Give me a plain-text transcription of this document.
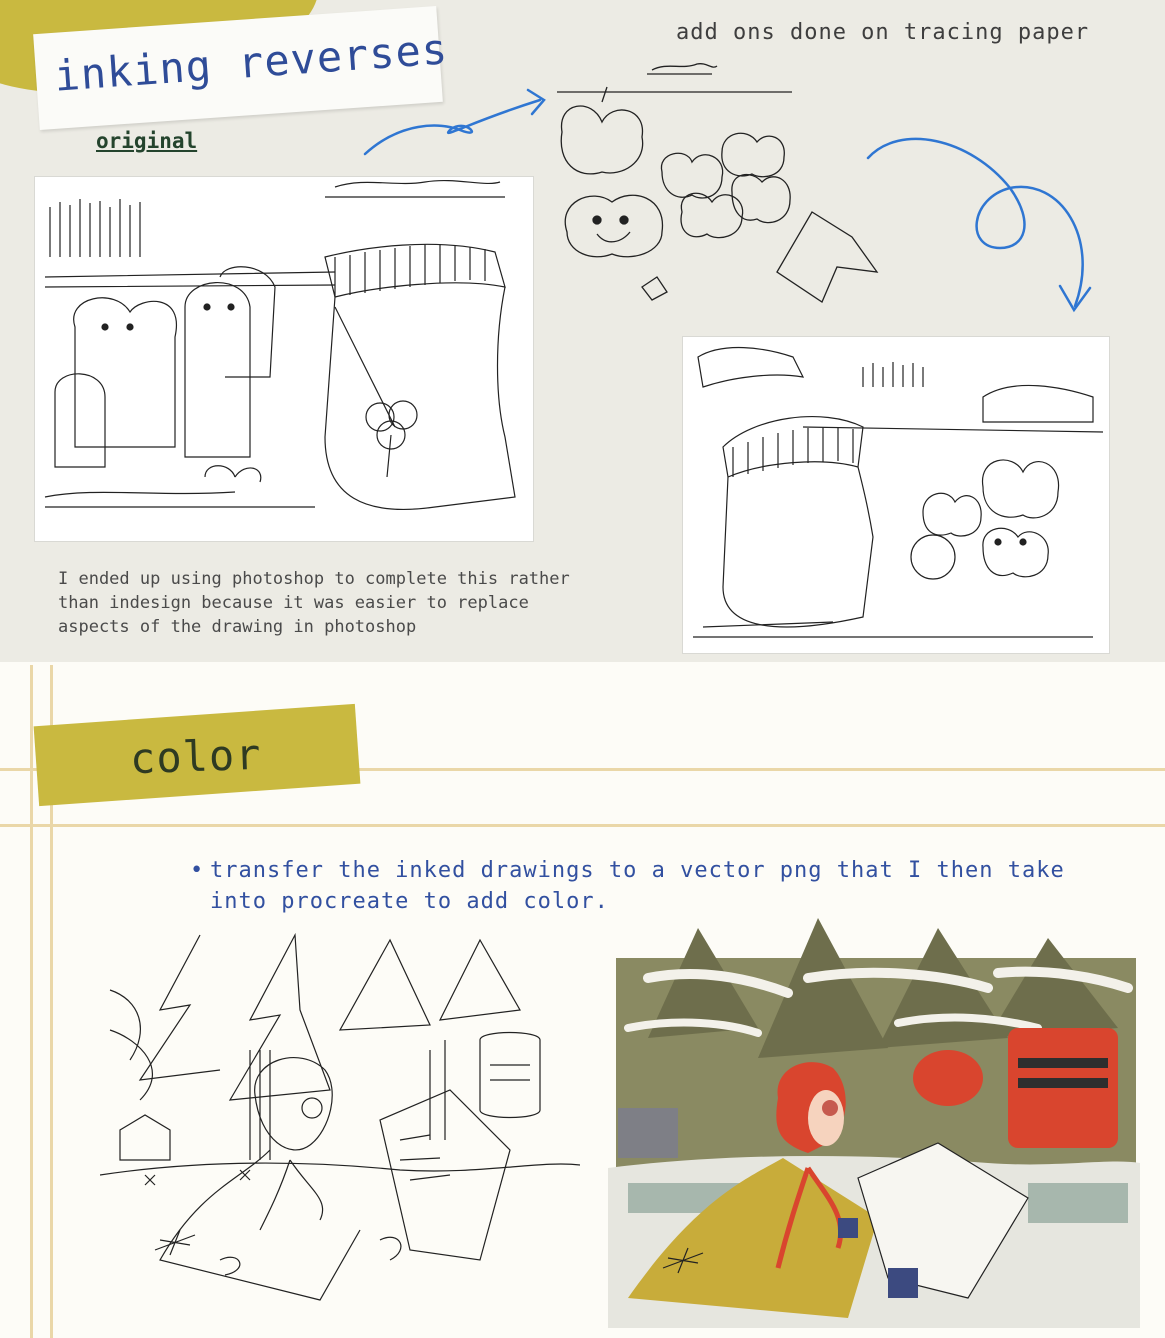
inking reverses
original
add ons done on tracing paper
I ended up using photoshop to complete this rather
than indesign because it was easier to replace
aspects of the drawing in photoshop
color
• transfer the inked drawings to a vector png that I then take into procreate to add color.
